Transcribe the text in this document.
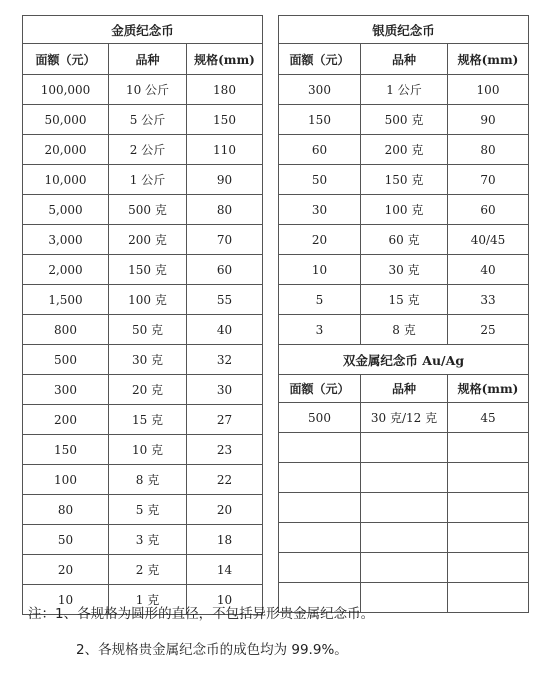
金质纪念币		
面额（元）	品种	规格(mm)
100,000	10 公斤	180
50,000	5 公斤	150
20,000	2 公斤	110
10,000	1 公斤	90
5,000	500 克	80
3,000	200 克	70
2,000	150 克	60
1,500	100 克	55
800	50 克	40
500	30 克	32
300	20 克	30
200	15 克	27
150	10 克	23
100	8 克	22
80	5 克	20
50	3 克	18
20	2 克	14
10	1 克	10
银质纪念币		
面额（元）	品种	规格(mm)
300	1 公斤	100
150	500 克	90
60	200 克	80
50	150 克	70
30	100 克	60
20	60 克	40/45
10	30 克	40
5	15 克	33
3	8 克	25
双金属纪念币 Au/Ag		
面额（元）	品种	规格(mm)
500	30 克/12 克	45

注：1、各规格为圆形的直径，不包括异形贵金属纪念币。
2、各规格贵金属纪念币的成色均为 99.9%。
